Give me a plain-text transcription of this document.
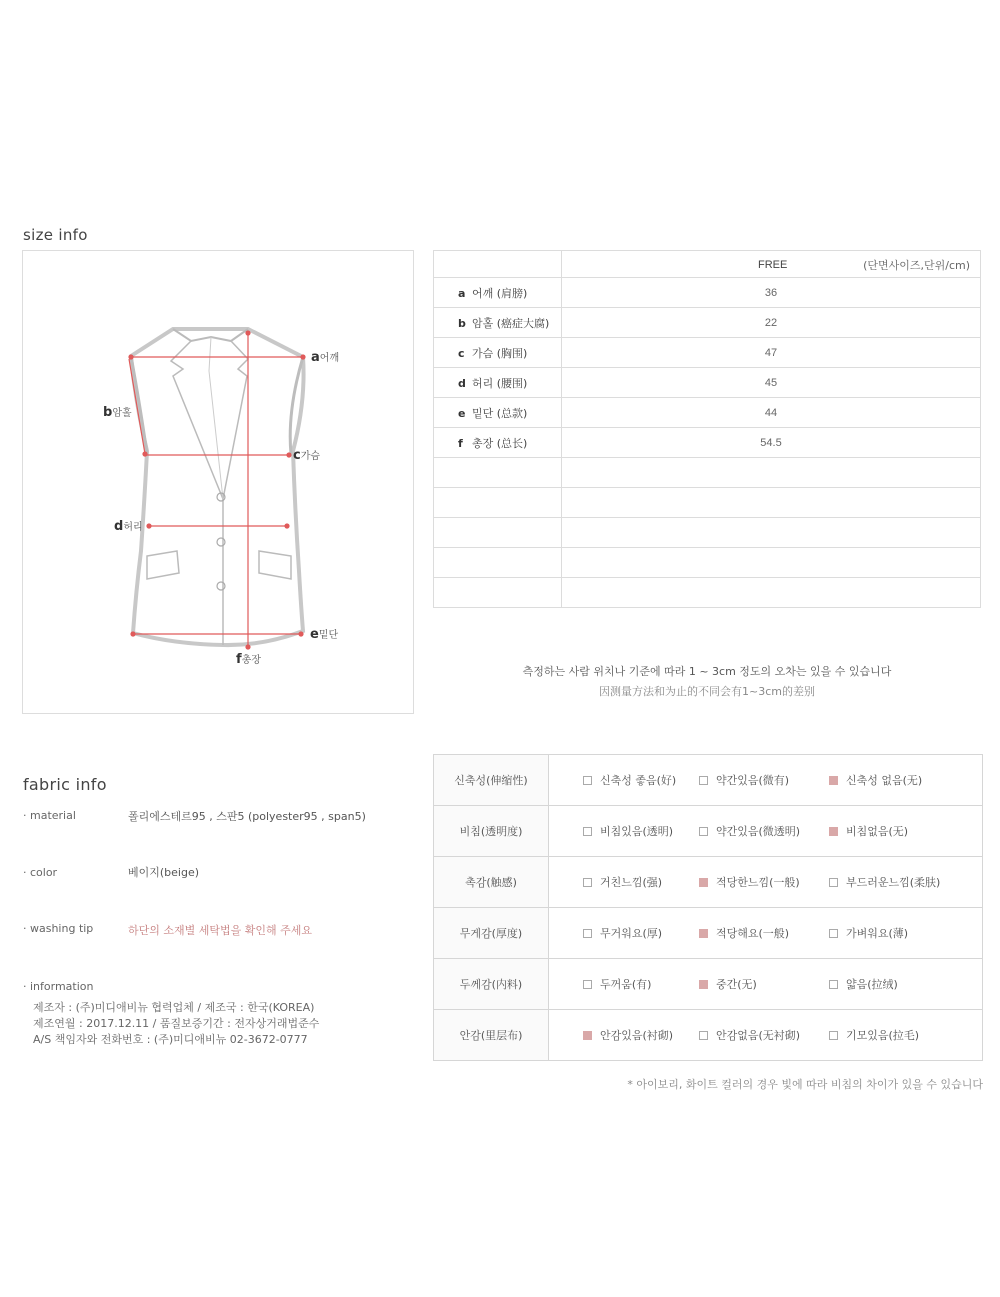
size info
a어깨
b암홀
c가슴
d허리
e밑단
f총장

	FREE (단면사이즈,단위/cm)

a 어깨 (肩膀)	36
b 암홀 (癌症大腐)	22
c 가슴 (胸围)	47
d 허리 (腰围)	45
e 밑단 (总款)	44
f 총장 (总长)	54.5

측정하는 사람 위치나 기준에 따라 1 ~ 3cm 정도의 오차는 있을 수 있습니다
因测量方法和为止的不同会有1~3cm的差别
fabric info
· material	폴리에스테르95 , 스판5 (polyester95 , span5)
· color	베이지(beige)
· washing tip	하단의 소재별 세탁법을 확인해 주세요
· information
제조자 : (주)미디애비뉴 협력업체 / 제조국 : 한국(KOREA)
제조연월 : 2017.12.11 / 품질보증기간 : 전자상거래법준수
A/S 책임자와 전화번호 : (주)미디애비뉴 02-3672-0777
신축성(伸缩性)	신축성 좋음(好) 약간있음(微有) 신축성 없음(无)

비침(透明度)	비침있음(透明) 약간있음(微透明) 비침없음(无)

촉감(触感)	거친느낌(强) 적당한느낌(一般) 부드러운느낌(柔肤)

무게감(厚度)	무거워요(厚) 적당해요(一般) 가벼워요(薄)

두께감(内料)	두꺼움(有) 중간(无) 얇음(拉绒)

안감(里层布)	안감있음(衬砌) 안감없음(无衬砌) 기모있음(拉毛)
* 아이보리, 화이트 컬러의 경우 빛에 따라 비침의 차이가 있을 수 있습니다
